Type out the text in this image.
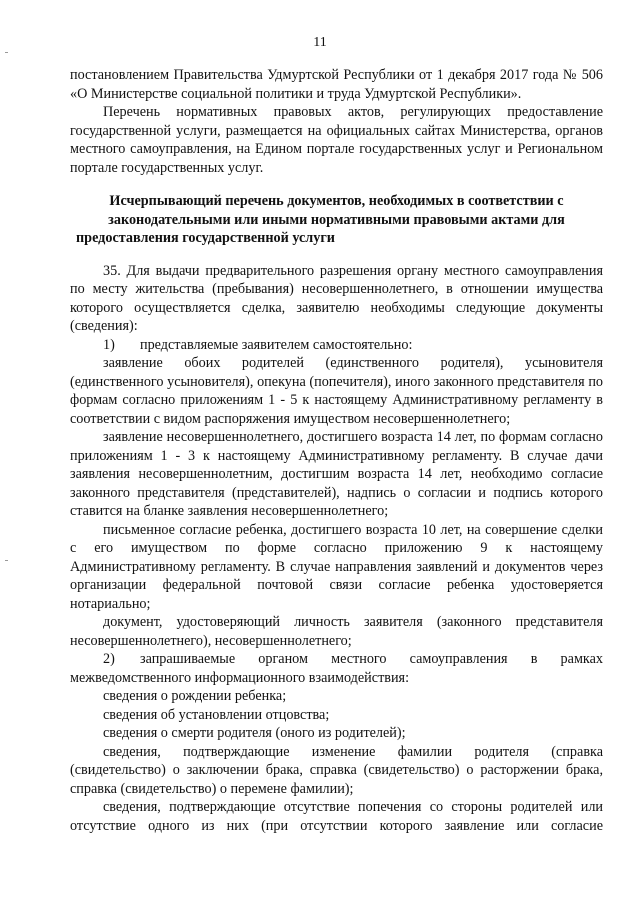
11

постановлением Правительства Удмуртской Республики от 1 декабря 2017 года № 506 «О Министерстве социальной политики и труда Удмуртской Республики».

Перечень нормативных правовых актов, регулирующих предоставление государственной услуги, размещается на официальных сайтах Министерства, органов местного самоуправления, на Едином портале государственных услуг и Региональном портале государственных услуг.

Исчерпывающий перечень документов, необходимых в соответствии с законодательными или иными нормативными правовыми актами для предоставления государственной услуги

35. Для выдачи предварительного разрешения органу местного самоуправления по месту жительства (пребывания) несовершеннолетнего, в отношении имущества которого осуществляется сделка, заявителю необходимы следующие документы (сведения):

1) представляемые заявителем самостоятельно:

заявление обоих родителей (единственного родителя), усыновителя (единственного усыновителя), опекуна (попечителя), иного законного представителя по формам согласно приложениям 1 - 5 к настоящему Административному регламенту в соответствии с видом распоряжения имуществом несовершеннолетнего;

заявление несовершеннолетнего, достигшего возраста 14 лет, по формам согласно приложениям 1 - 3 к настоящему Административному регламенту. В случае дачи заявления несовершеннолетним, достигшим возраста 14 лет, необходимо согласие законного представителя (представителей), надпись о согласии и подпись которого ставится на бланке заявления несовершеннолетнего;

письменное согласие ребенка, достигшего возраста 10 лет, на совершение сделки с его имуществом по форме согласно приложению 9 к настоящему Административному регламенту. В случае направления заявлений и документов через организации федеральной почтовой связи согласие ребенка удостоверяется нотариально;

документ, удостоверяющий личность заявителя (законного представителя несовершеннолетнего), несовершеннолетнего;

2) запрашиваемые органом местного самоуправления в рамках межведомственного информационного взаимодействия:

сведения о рождении ребенка;

сведения об установлении отцовства;

сведения о смерти родителя (оного из родителей);

сведения, подтверждающие изменение фамилии родителя (справка (свидетельство) о заключении брака, справка (свидетельство) о расторжении брака, справка (свидетельство) о перемене фамилии);

сведения, подтверждающие отсутствие попечения со стороны родителей или отсутствие одного из них (при отсутствии которого заявление или согласие
